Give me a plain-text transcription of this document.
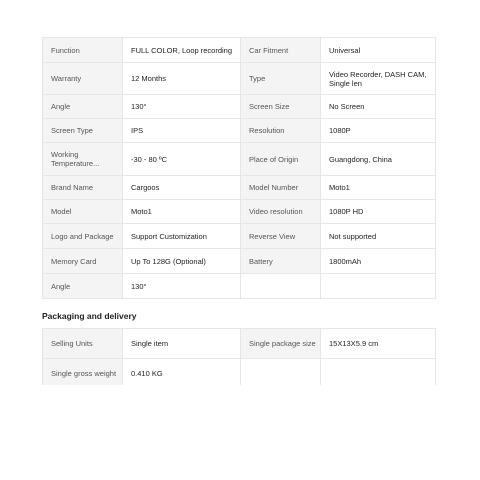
Function	FULL COLOR, Loop recording	Car Fitment	Universal
Warranty	12 Months	Type	Video Recorder, DASH CAM, Single len
Angle	130°	Screen Size	No Screen
Screen Type	IPS	Resolution	1080P
Working Temperature...	-30 - 80 ºC	Place of Origin	Guangdong, China
Brand Name	Cargoos	Model Number	Moto1
Model	Moto1	Video resolution	1080P HD
Logo and Package	Support Customization	Reverse View	Not supported
Memory Card	Up To 128G (Optional)	Battery	1800mAh
Angle	130°		
Packaging and delivery
Selling Units	Single item	Single package size	15X13X5.9 cm
Single gross weight	0.410 KG		
